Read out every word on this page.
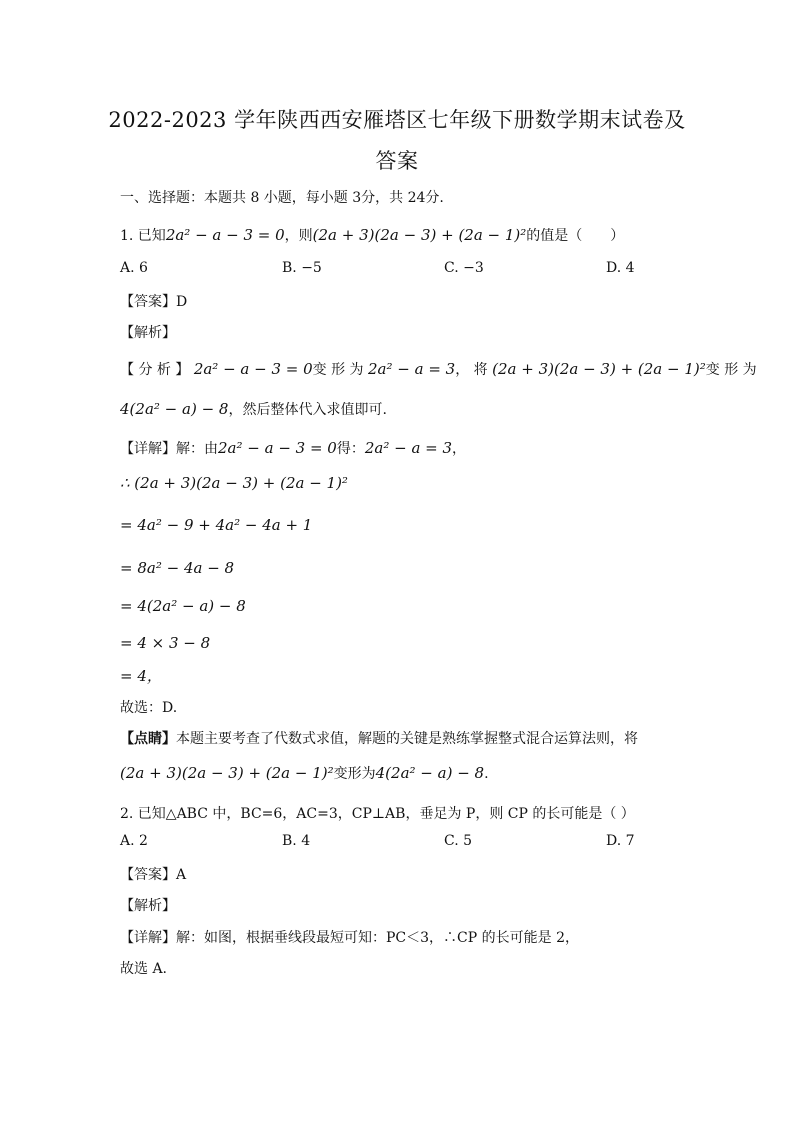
2022-2023 学年陕西西安雁塔区七年级下册数学期末试卷及
答案
一、选择题：本题共 8 小题，每小题 3分，共 24分.
1. 已知2a² − a − 3 = 0，则(2a + 3)(2a − 3) + (2a − 1)²的值是（　　）
A. 6	B. −5	C. −3	D. 4
【答案】D
【解析】
【 分 析 】 2a² − a − 3 = 0变 形 为 2a² − a = 3， 将 (2a + 3)(2a − 3) + (2a − 1)²变 形 为
4(2a² − a) − 8，然后整体代入求值即可.
【详解】解：由2a² − a − 3 = 0得：2a² − a = 3，
∴ (2a + 3)(2a − 3) + (2a − 1)²
= 4a² − 9 + 4a² − 4a + 1
= 8a² − 4a − 8
= 4(2a² − a) − 8
= 4 × 3 − 8
= 4，
故选：D.
【点睛】本题主要考查了代数式求值，解题的关键是熟练掌握整式混合运算法则，将
(2a + 3)(2a − 3) + (2a − 1)²变形为4(2a² − a) − 8.
2. 已知△ABC 中，BC=6，AC=3，CP⊥AB，垂足为 P，则 CP 的长可能是（ ）
A. 2	B. 4	C. 5	D. 7
【答案】A
【解析】
【详解】解：如图，根据垂线段最短可知：PC＜3，∴CP 的长可能是 2，
故选 A.
